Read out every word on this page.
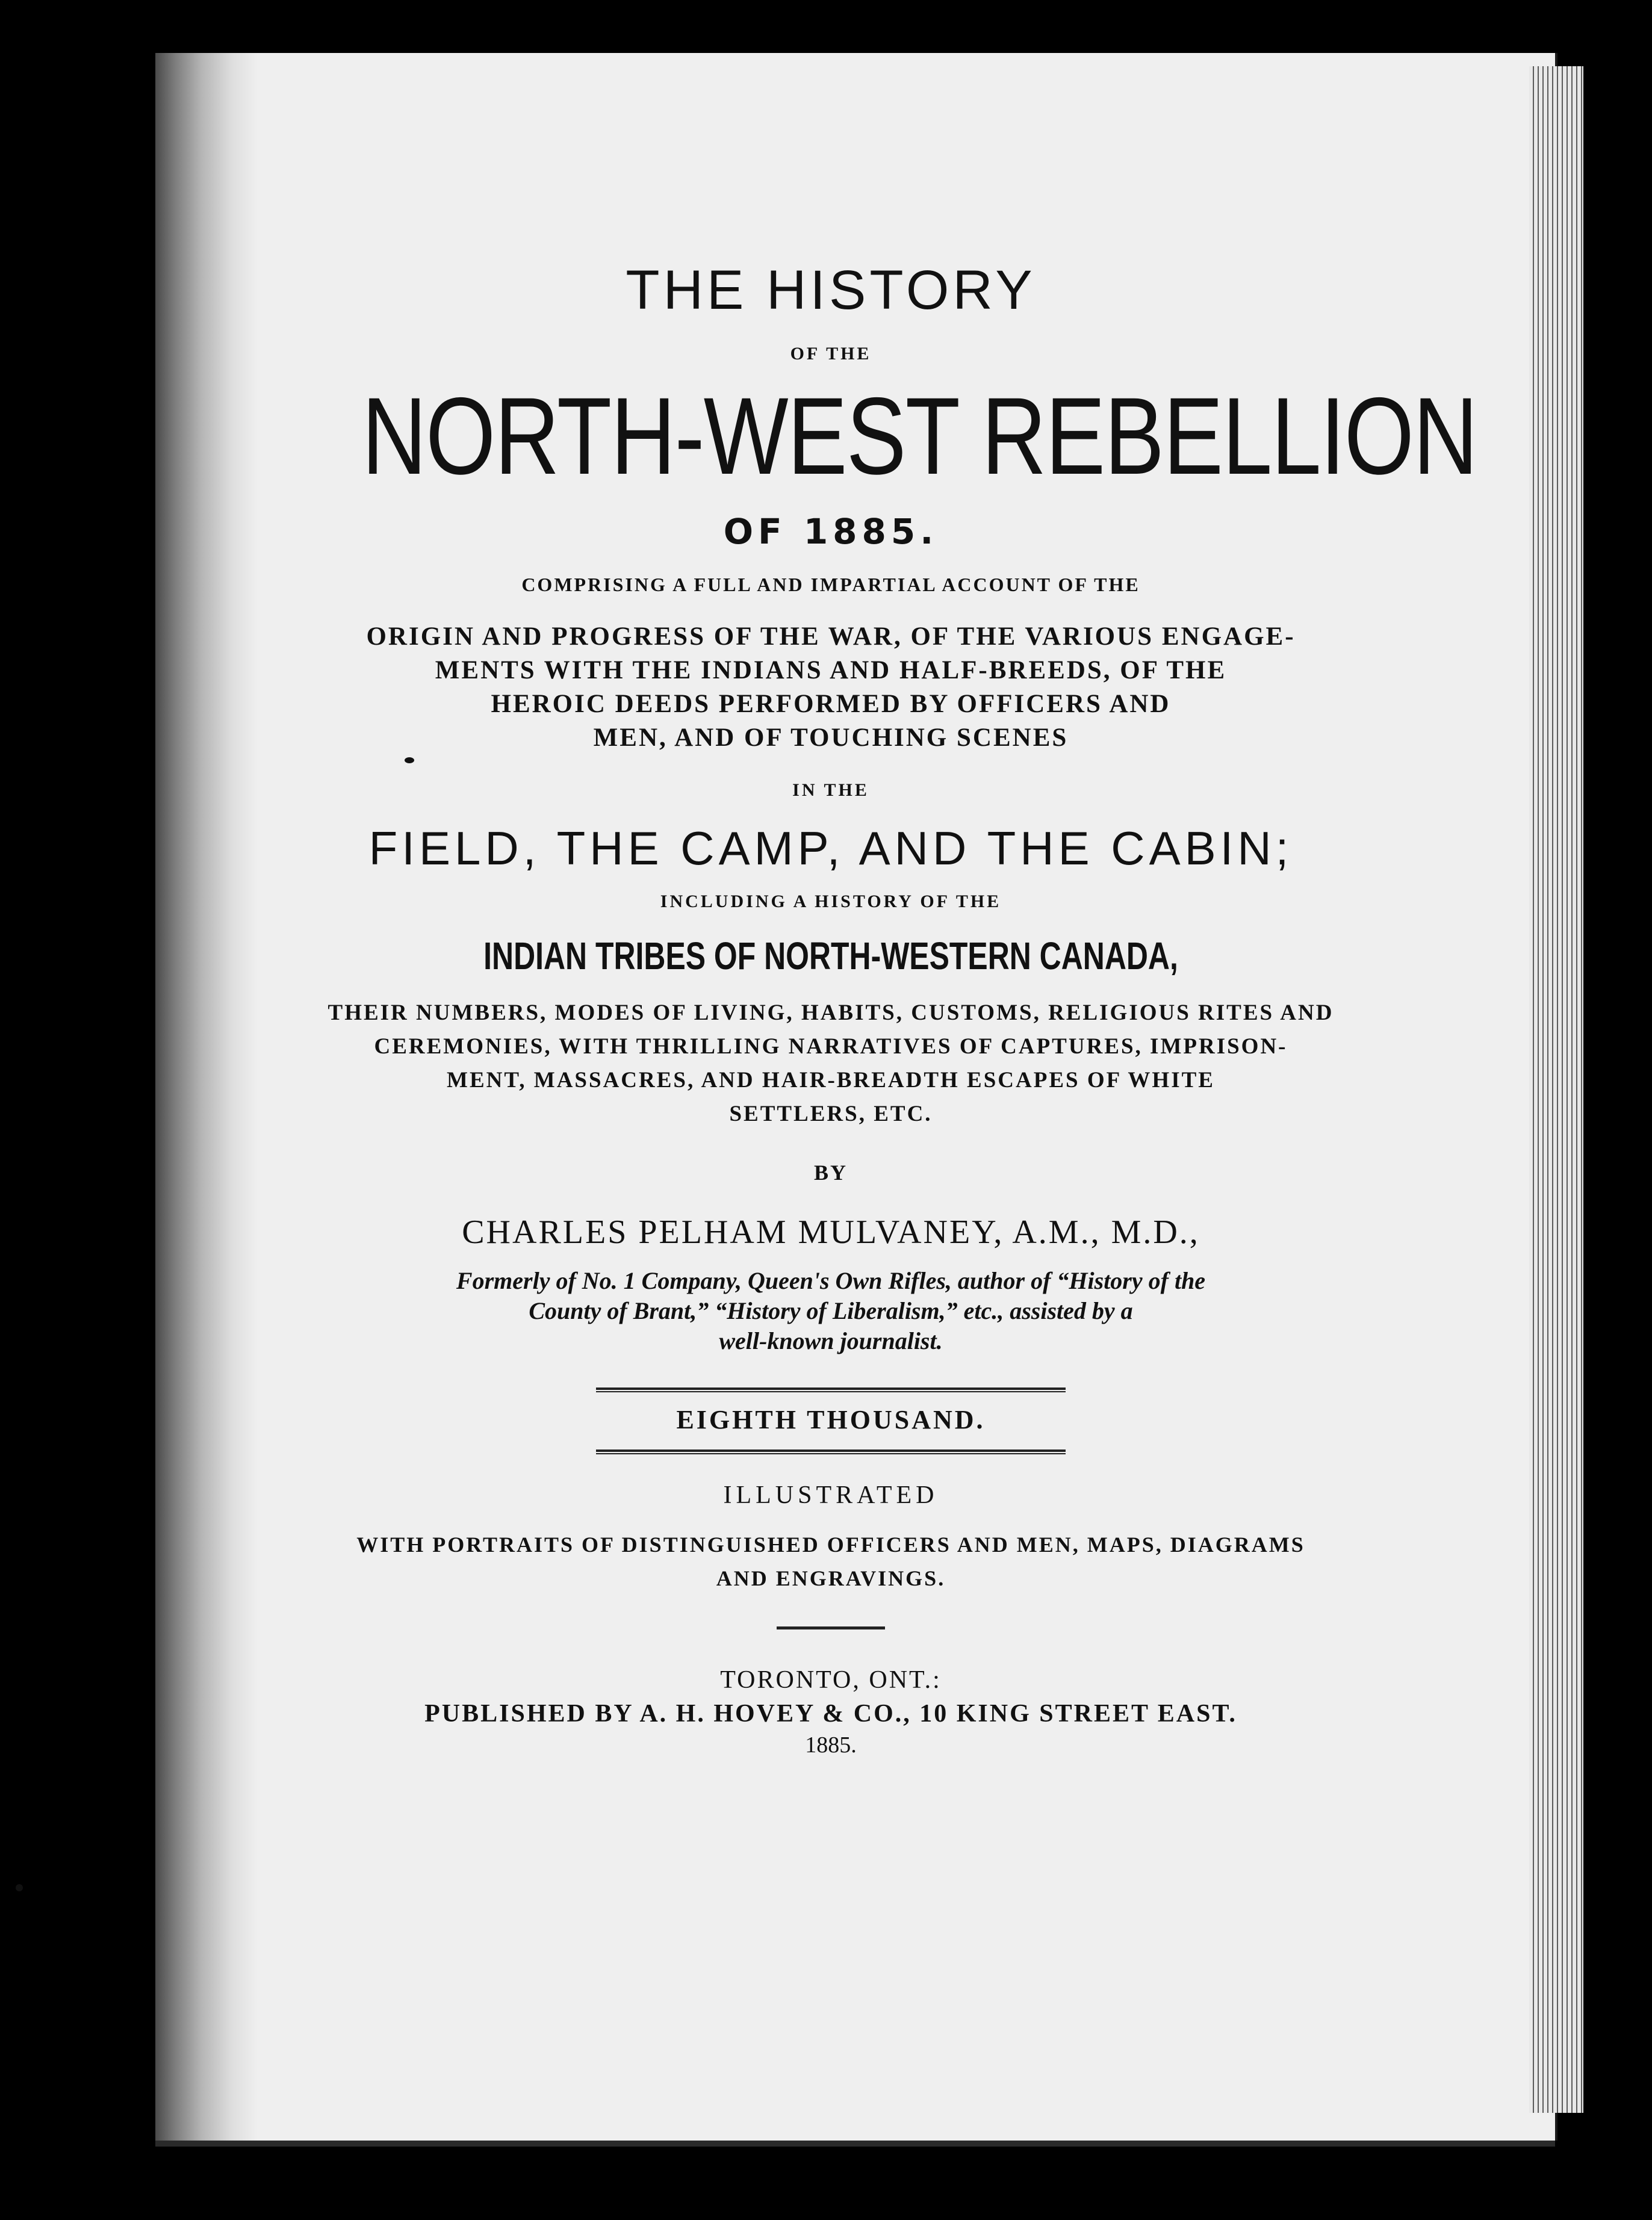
THE HISTORY
OF THE
NORTH-WEST REBELLION
OF 1885.
COMPRISING A FULL AND IMPARTIAL ACCOUNT OF THE
ORIGIN AND PROGRESS OF THE WAR, OF THE VARIOUS ENGAGE-
MENTS WITH THE INDIANS AND HALF-BREEDS, OF THE
HEROIC DEEDS PERFORMED BY OFFICERS AND
MEN, AND OF TOUCHING SCENES
IN THE
FIELD, THE CAMP, AND THE CABIN;
INCLUDING A HISTORY OF THE
INDIAN TRIBES OF NORTH-WESTERN CANADA,
THEIR NUMBERS, MODES OF LIVING, HABITS, CUSTOMS, RELIGIOUS RITES AND
CEREMONIES, WITH THRILLING NARRATIVES OF CAPTURES, IMPRISON-
MENT, MASSACRES, AND HAIR-BREADTH ESCAPES OF WHITE
SETTLERS, ETC.
BY
CHARLES PELHAM MULVANEY, A.M., M.D.,
Formerly of No. 1 Company, Queen's Own Rifles, author of “History of the
County of Brant,” “History of Liberalism,” etc., assisted by a
well-known journalist.
EIGHTH THOUSAND.
ILLUSTRATED
WITH PORTRAITS OF DISTINGUISHED OFFICERS AND MEN, MAPS, DIAGRAMS
AND ENGRAVINGS.
TORONTO, ONT.:
PUBLISHED BY A. H. HOVEY & CO., 10 KING STREET EAST.
1885.
